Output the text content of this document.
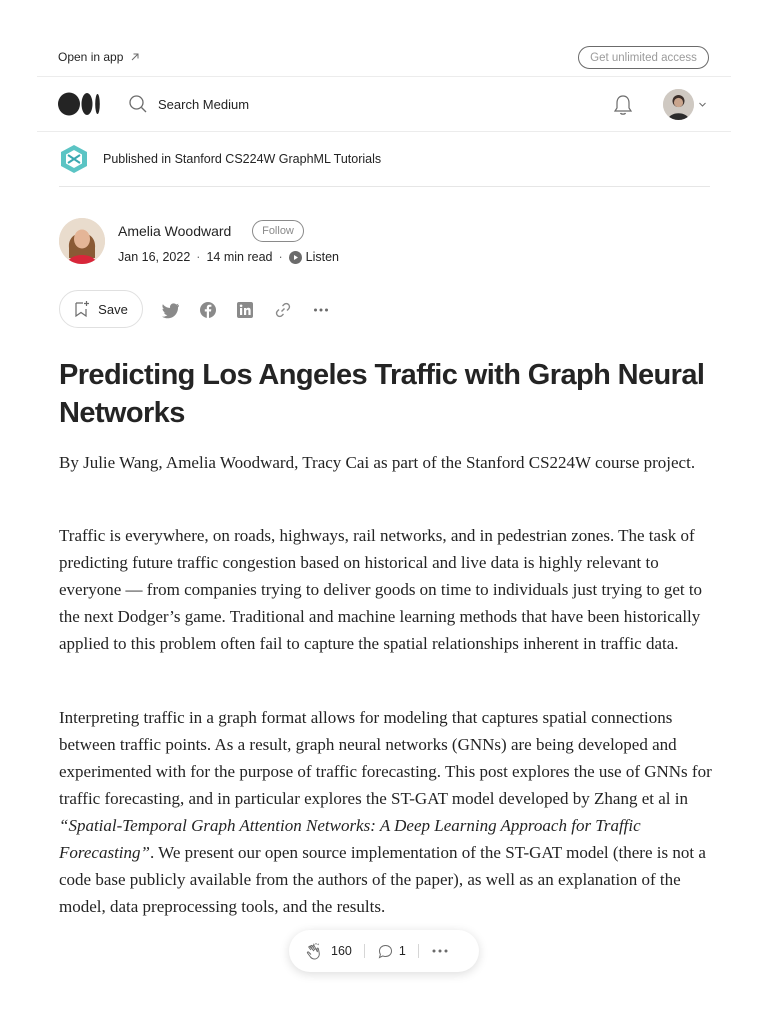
Open in app	Get unlimited access
Search Medium
Published in Stanford CS224W GraphML Tutorials
Amelia Woodward	Follow
Jan 16, 2022 · 14 min read · Listen
Save
Predicting Los Angeles Traffic with Graph Neural Networks

By Julie Wang, Amelia Woodward, Tracy Cai as part of the Stanford CS224W course project.

Traffic is everywhere, on roads, highways, rail networks, and in pedestrian zones. The task of predicting future traffic congestion based on historical and live data is highly relevant to everyone — from companies trying to deliver goods on time to individuals just trying to get to the next Dodger’s game. Traditional and machine learning methods that have been historically applied to this problem often fail to capture the spatial relationships inherent in traffic data.

Interpreting traffic in a graph format allows for modeling that captures spatial connections between traffic points. As a result, graph neural networks (GNNs) are being developed and experimented with for the purpose of traffic forecasting. This post explores the use of GNNs for traffic forecasting, and in particular explores the ST-GAT model developed by Zhang et al in “Spatial-Temporal Graph Attention Networks: A Deep Learning Approach for Traffic Forecasting”. We present our open source implementation of the ST-GAT model (there is not a code base publicly available from the authors of the paper), as well as an explanation of the model, data preprocessing tools, and the results.

160	1
